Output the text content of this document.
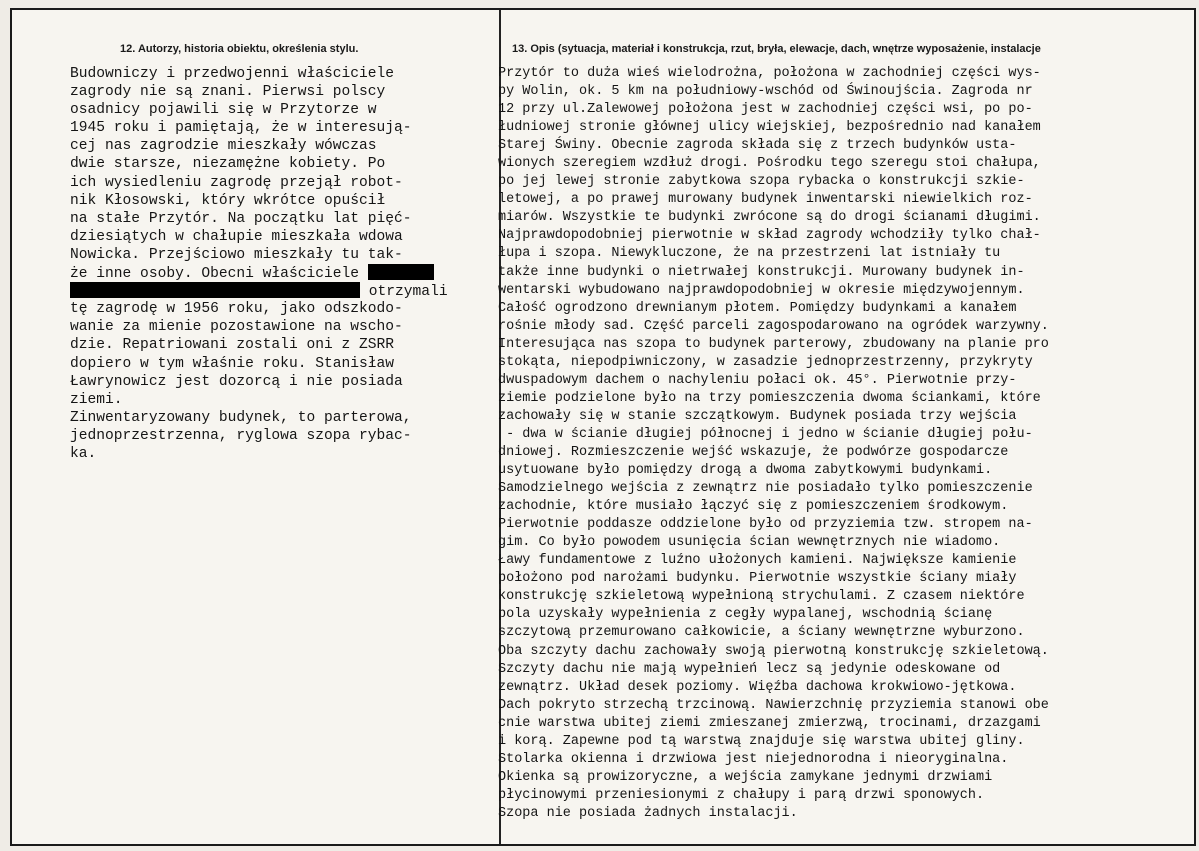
12. Autorzy, historia obiektu, określenia stylu.	13. Opis (sytuacja, materiał i konstrukcja, rzut, bryła, elewacje, dach, wnętrze wyposażenie, instalacje
Budowniczy i przedwojenni właściciele
zagrody nie są znani. Pierwsi polscy
osadnicy pojawili się w Przytorze w
1945 roku i pamiętają, że w interesują-
cej nas zagrodzie mieszkały wówczas
dwie starsze, niezamężne kobiety. Po
ich wysiedleniu zagrodę przejął robot-
nik Kłosowski, który wkrótce opuścił
na stałe Przytór. Na początku lat pięć-
dziesiątych w chałupie mieszkała wdowa
Nowicka. Przejściowo mieszkały tu tak-
że inne osoby. Obecni właściciele
otrzymali
tę zagrodę w 1956 roku, jako odszkodo-
wanie za mienie pozostawione na wscho-
dzie. Repatriowani zostali oni z ZSRR
dopiero w tym właśnie roku. Stanisław
Ławrynowicz jest dozorcą i nie posiada
ziemi.
Zinwentaryzowany budynek, to parterowa,
jednoprzestrzenna, ryglowa szopa rybac-
ka.
Przytór to duża wieś wielodrożna, położona w zachodniej części wys-
py Wolin, ok. 5 km na południowy-wschód od Świnoujścia. Zagroda nr
12 przy ul.Zalewowej położona jest w zachodniej części wsi, po po-
łudniowej stronie głównej ulicy wiejskiej, bezpośrednio nad kanałem
Starej Świny. Obecnie zagroda składa się z trzech budynków usta-
wionych szeregiem wzdłuż drogi. Pośrodku tego szeregu stoi chałupa,
po jej lewej stronie zabytkowa szopa rybacka o konstrukcji szkie-
letowej, a po prawej murowany budynek inwentarski niewielkich roz-
miarów. Wszystkie te budynki zwrócone są do drogi ścianami długimi.
Najprawdopodobniej pierwotnie w skład zagrody wchodziły tylko chał-
łupa i szopa. Niewykluczone, że na przestrzeni lat istniały tu
także inne budynki o nietrwałej konstrukcji. Murowany budynek in-
wentarski wybudowano najprawdopodobniej w okresie międzywojennym.
Całość ogrodzono drewnianym płotem. Pomiędzy budynkami a kanałem
rośnie młody sad. Część parceli zagospodarowano na ogródek warzywny.
Interesująca nas szopa to budynek parterowy, zbudowany na planie pro
stokąta, niepodpiwniczony, w zasadzie jednoprzestrzenny, przykryty
dwuspadowym dachem o nachyleniu połaci ok. 45°. Pierwotnie przy-
ziemie podzielone było na trzy pomieszczenia dwoma ściankami, które
zachowały się w stanie szczątkowym. Budynek posiada trzy wejścia
- dwa w ścianie długiej północnej i jedno w ścianie długiej połu-
dniowej. Rozmieszczenie wejść wskazuje, że podwórze gospodarcze
usytuowane było pomiędzy drogą a dwoma zabytkowymi budynkami.
Samodzielnego wejścia z zewnątrz nie posiadało tylko pomieszczenie
zachodnie, które musiało łączyć się z pomieszczeniem środkowym.
Pierwotnie poddasze oddzielone było od przyziemia tzw. stropem na-
gim. Co było powodem usunięcia ścian wewnętrznych nie wiadomo.
Ławy fundamentowe z luźno ułożonych kamieni. Największe kamienie
położono pod narożami budynku. Pierwotnie wszystkie ściany miały
konstrukcję szkieletową wypełnioną strychulami. Z czasem niektóre
pola uzyskały wypełnienia z cegły wypalanej, wschodnią ścianę
szczytową przemurowano całkowicie, a ściany wewnętrzne wyburzono.
Oba szczyty dachu zachowały swoją pierwotną konstrukcję szkieletową.
Szczyty dachu nie mają wypełnień lecz są jedynie odeskowane od
zewnątrz. Układ desek poziomy. Więźba dachowa krokwiowo-jętkowa.
Dach pokryto strzechą trzcinową. Nawierzchnię przyziemia stanowi obe
cnie warstwa ubitej ziemi zmieszanej zmierzwą, trocinami, drzazgami
i korą. Zapewne pod tą warstwą znajduje się warstwa ubitej gliny.
Stolarka okienna i drzwiowa jest niejednorodna i nieoryginalna.
Okienka są prowizoryczne, a wejścia zamykane jednymi drzwiami
płycinowymi przeniesionymi z chałupy i parą drzwi sponowych.
Szopa nie posiada żadnych instalacji.
